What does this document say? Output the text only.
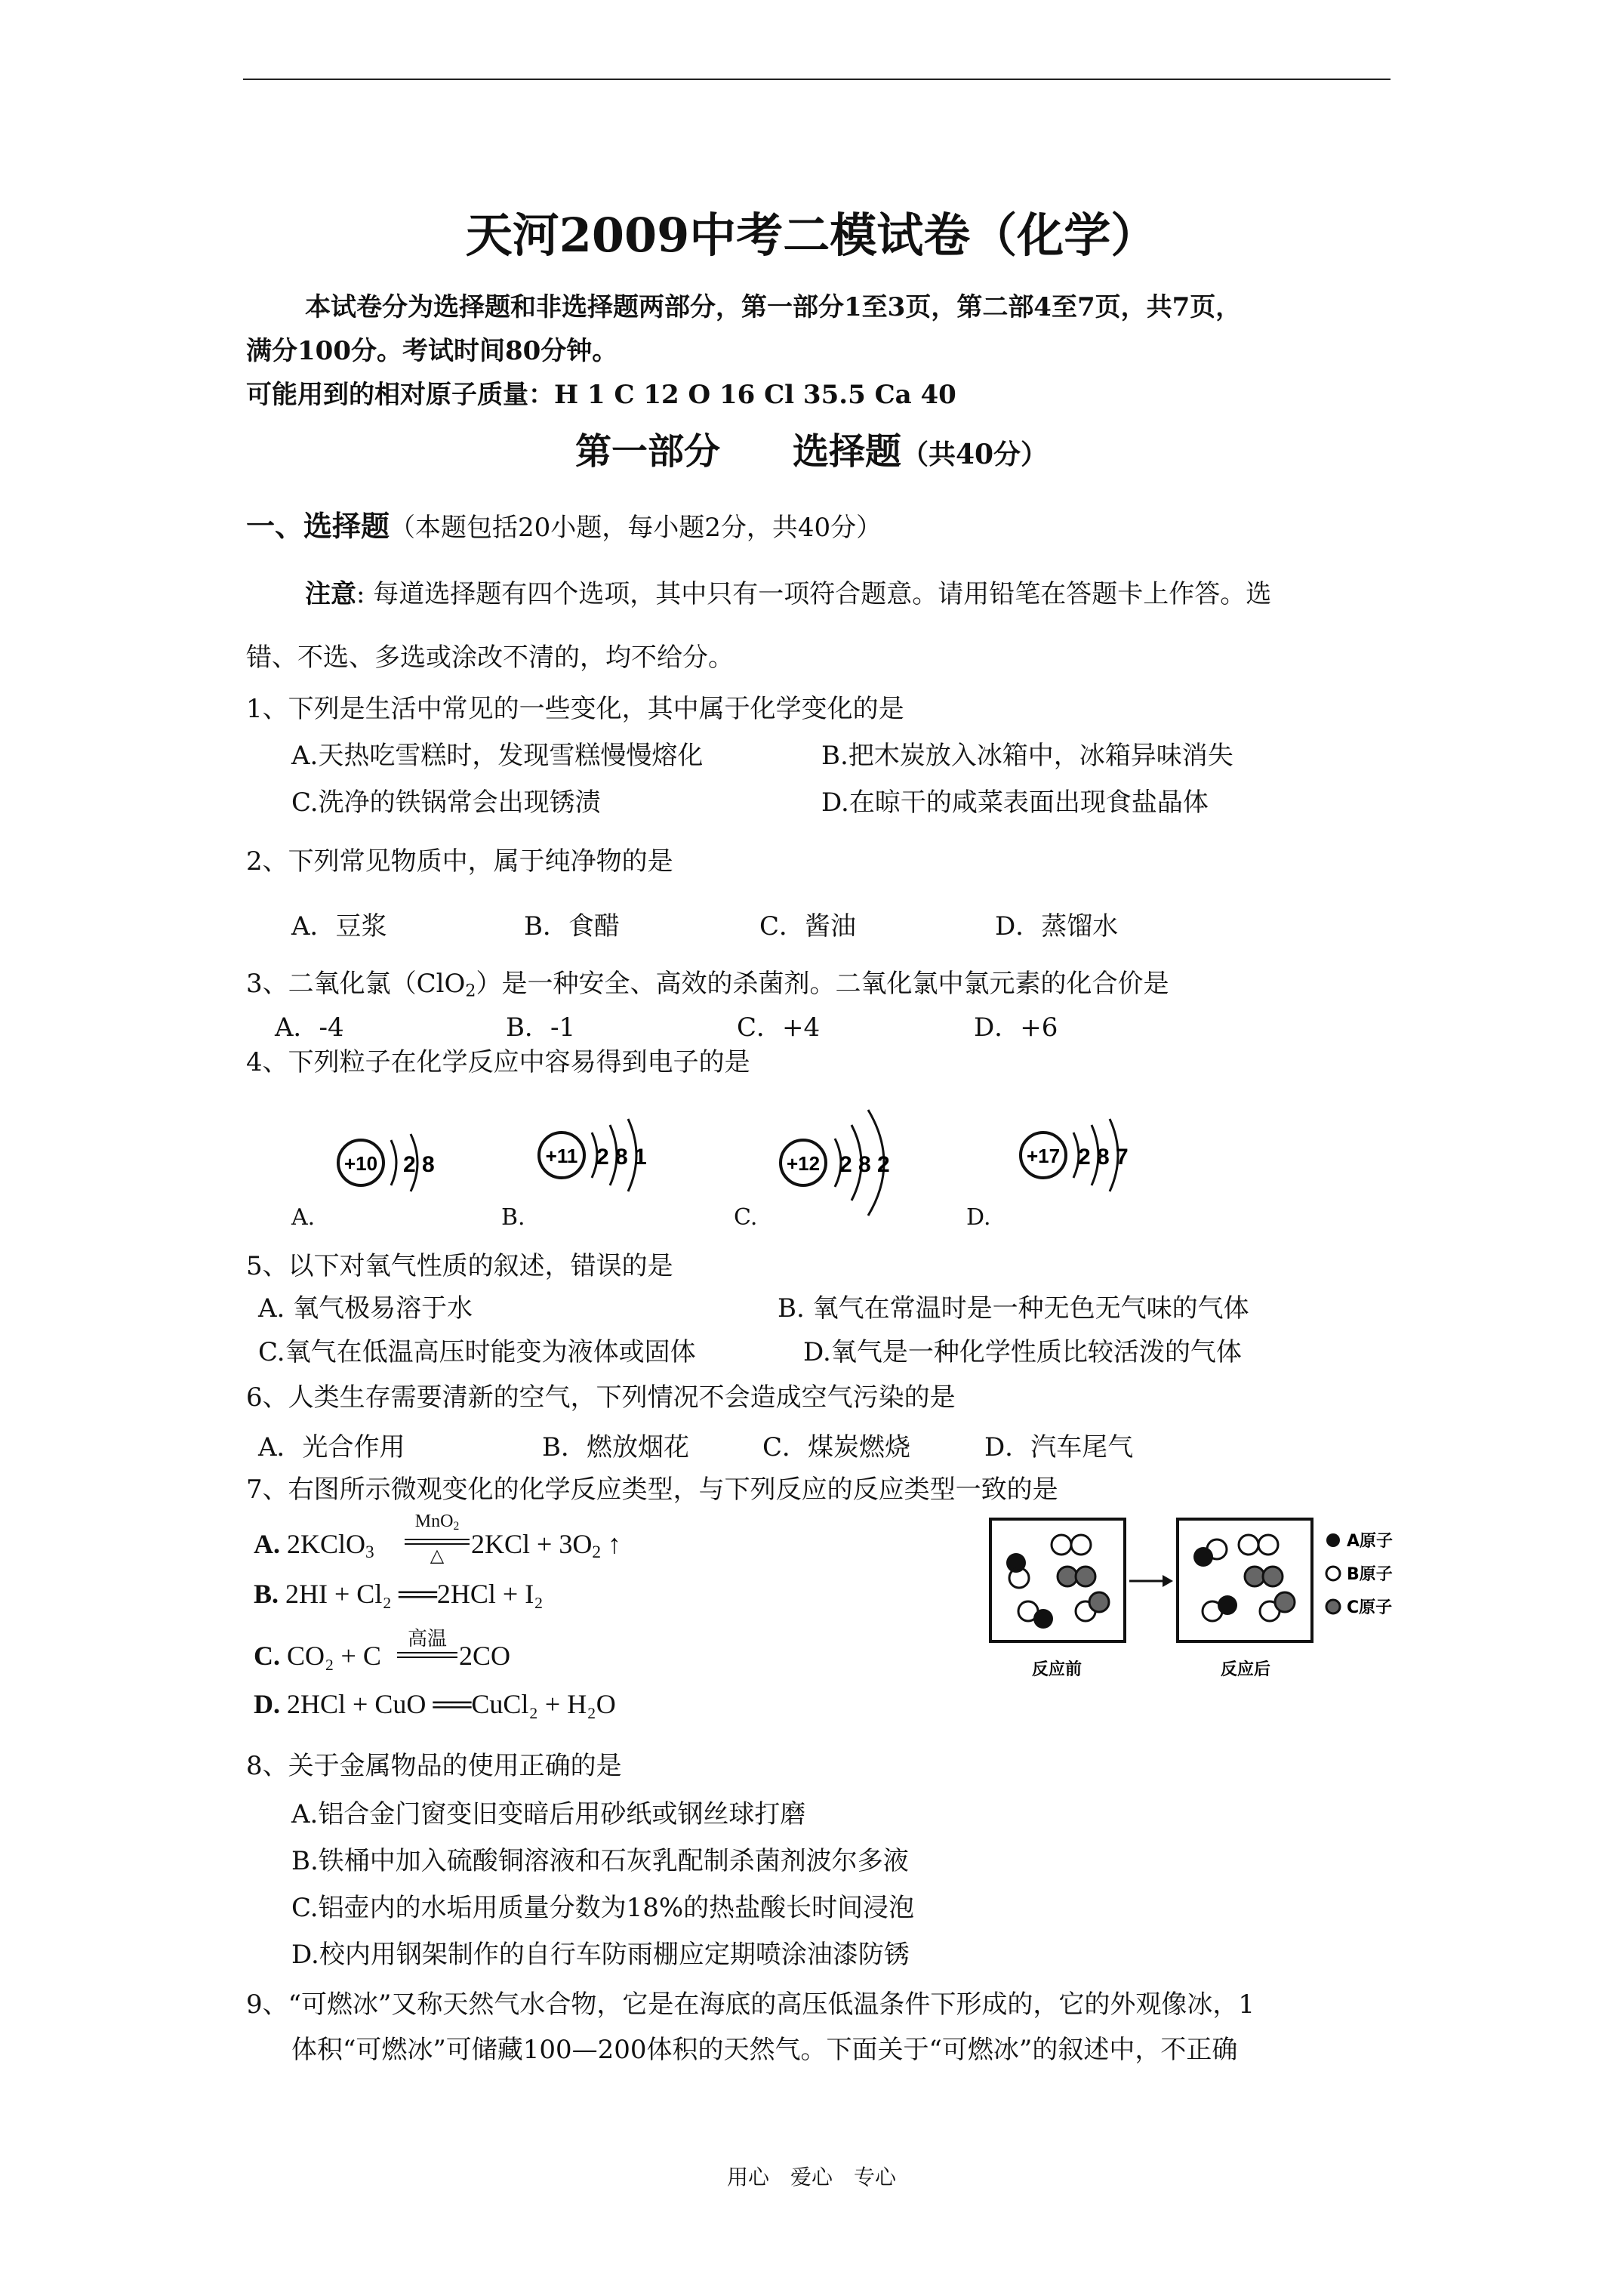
天河2009中考二模试卷（化学）
本试卷分为选择题和非选择题两部分，第一部分1至3页，第二部4至7页，共7页，
满分100分。考试时间80分钟。
可能用到的相对原子质量：H 1 C 12 O 16 Cl 35.5 Ca 40
第一部分　　选择题（共40分）
一、选择题（本题包括20小题，每小题2分，共40分）
注意: 每道选择题有四个选项，其中只有一项符合题意。请用铅笔在答题卡上作答。选
错、不选、多选或涂改不清的，均不给分。
1、下列是生活中常见的一些变化，其中属于化学变化的是
A.天热吃雪糕时，发现雪糕慢慢熔化	B.把木炭放入冰箱中，冰箱异味消失
C.洗净的铁锅常会出现锈渍	D.在晾干的咸菜表面出现食盐晶体
2、下列常见物质中，属于纯净物的是
A．豆浆	B．食醋	C．酱油	D．蒸馏水
3、二氧化氯（ClO$_2$）是一种安全、高效的杀菌剂。二氧化氯中氯元素的化合价是
A．-4	B．-1	C．+4	D．+6
4、下列粒子在化学反应中容易得到电子的是
+10 2 8
A.
+11 2 8 1
B.
+12 2 8 2
C.
+17 2 8 7
D.
5、以下对氧气性质的叙述，错误的是
A. 氧气极易溶于水	B. 氧气在常温时是一种无色无气味的气体
C.氧气在低温高压时能变为液体或固体	D.氧气是一种化学性质比较活泼的气体
6、人类生存需要清新的空气，下列情况不会造成空气污染的是
A．光合作用	B．燃放烟花	C．煤炭燃烧	D．汽车尾气
7、右图所示微观变化的化学反应类型，与下列反应的反应类型一致的是
A. 2KClO$_3$
MnO$_2$
△ $2KCl + 3O_2$ ↑
B. 2HI + Cl₂ ══2HCl + I₂
C. CO₂ + C
高温
2CO
D. 2HCl + CuO ══CuCl₂ + H₂O
反应前	反应后
A原子
B原子
C原子
8、关于金属物品的使用正确的是
A.铝合金门窗变旧变暗后用砂纸或钢丝球打磨
B.铁桶中加入硫酸铜溶液和石灰乳配制杀菌剂波尔多液
C.铝壶内的水垢用质量分数为18%的热盐酸长时间浸泡
D.校内用钢架制作的自行车防雨棚应定期喷涂油漆防锈
9、“可燃冰”又称天然气水合物，它是在海底的高压低温条件下形成的，它的外观像冰，1
体积“可燃冰”可储藏100—200体积的天然气。下面关于“可燃冰”的叙述中，不正确
用心　爱心　专心
